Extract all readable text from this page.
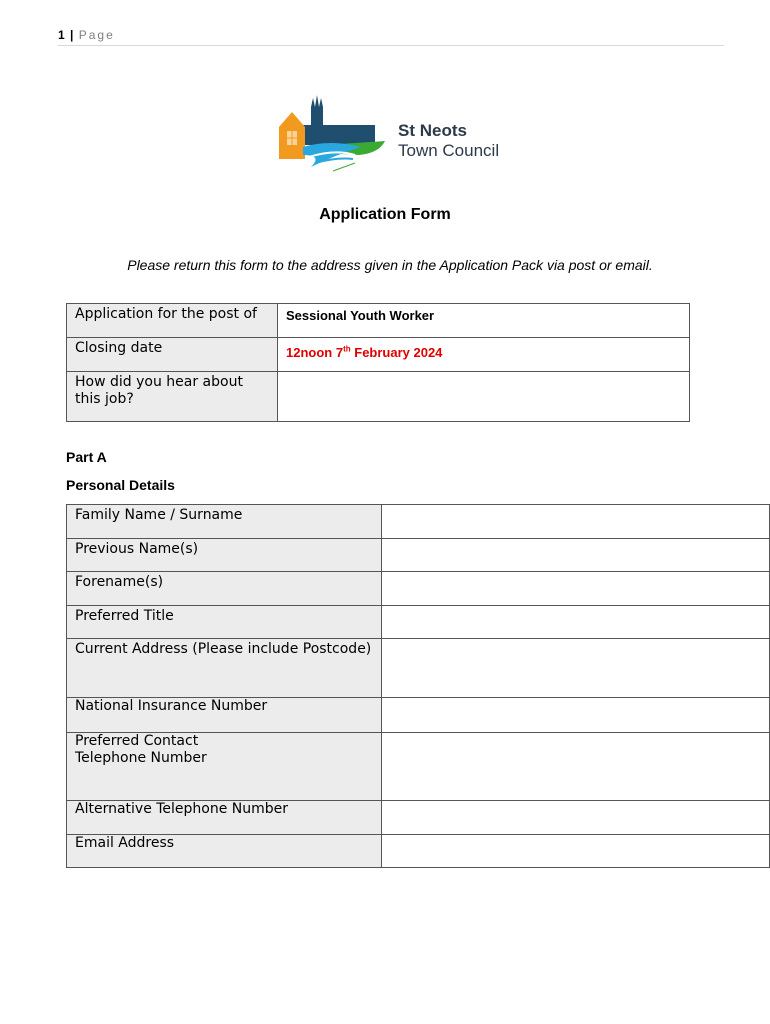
1 | Page
St Neots
Town Council
Application Form
Please return this form to the address given in the Application Pack via post or email.
Application for the post of	Sessional Youth Worker
Closing date	12noon 7th February 2024
How did you hear about this job?	
Part A
Personal Details
Family Name / Surname	
Previous Name(s)	
Forename(s)	
Preferred Title	
Current Address (Please include Postcode)	
National Insurance Number	
Preferred Contact Telephone Number	
Alternative Telephone Number	
Email Address	
